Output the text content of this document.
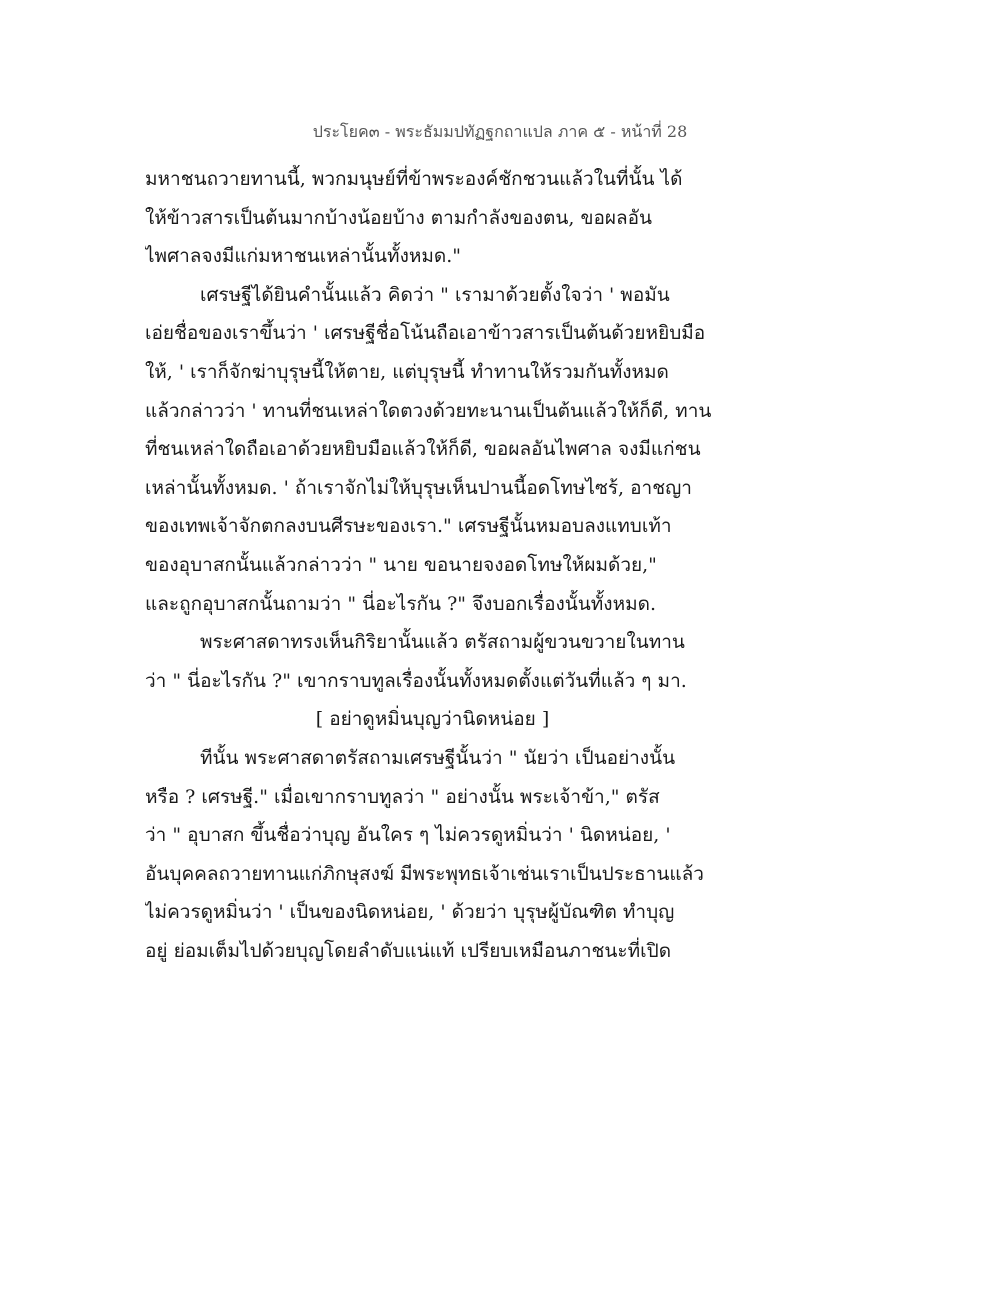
ประโยค๓ - พระธัมมปทัฏฐกถาแปล ภาค ๕ - หน้าที่ 28
มหาชนถวายทานนี้, พวกมนุษย์ที่ข้าพระองค์ชักชวนแล้วในที่นั้น ได้
ให้ข้าวสารเป็นต้นมากบ้างน้อยบ้าง ตามกำลังของตน, ขอผลอัน
ไพศาลจงมีแก่มหาชนเหล่านั้นทั้งหมด."
เศรษฐีได้ยินคำนั้นแล้ว คิดว่า " เรามาด้วยตั้งใจว่า ' พอมัน
เอ่ยชื่อของเราขึ้นว่า ' เศรษฐีชื่อโน้นถือเอาข้าวสารเป็นต้นด้วยหยิบมือ
ให้, ' เราก็จักฆ่าบุรุษนี้ให้ตาย, แต่บุรุษนี้ ทำทานให้รวมกันทั้งหมด
แล้วกล่าวว่า ' ทานที่ชนเหล่าใดตวงด้วยทะนานเป็นต้นแล้วให้ก็ดี, ทาน
ที่ชนเหล่าใดถือเอาด้วยหยิบมือแล้วให้ก็ดี, ขอผลอันไพศาล จงมีแก่ชน
เหล่านั้นทั้งหมด. ' ถ้าเราจักไม่ให้บุรุษเห็นปานนี้อดโทษไซร้, อาชญา
ของเทพเจ้าจักตกลงบนศีรษะของเรา." เศรษฐีนั้นหมอบลงแทบเท้า
ของอุบาสกนั้นแล้วกล่าวว่า " นาย ขอนายจงอดโทษให้ผมด้วย,"
และถูกอุบาสกนั้นถามว่า " นี่อะไรกัน ?" จึงบอกเรื่องนั้นทั้งหมด.
พระศาสดาทรงเห็นกิริยานั้นแล้ว ตรัสถามผู้ขวนขวายในทาน
ว่า " นี่อะไรกัน ?" เขากราบทูลเรื่องนั้นทั้งหมดตั้งแต่วันที่แล้ว ๆ มา.
[ อย่าดูหมิ่นบุญว่านิดหน่อย ]
ทีนั้น พระศาสดาตรัสถามเศรษฐีนั้นว่า " นัยว่า เป็นอย่างนั้น
หรือ ? เศรษฐี." เมื่อเขากราบทูลว่า " อย่างนั้น พระเจ้าข้า," ตรัส
ว่า " อุบาสก ขึ้นชื่อว่าบุญ อันใคร ๆ ไม่ควรดูหมิ่นว่า ' นิดหน่อย, '
อันบุคคลถวายทานแก่ภิกษุสงฆ์ มีพระพุทธเจ้าเช่นเราเป็นประธานแล้ว
ไม่ควรดูหมิ่นว่า ' เป็นของนิดหน่อย, ' ด้วยว่า บุรุษผู้บัณฑิต ทำบุญ
อยู่ ย่อมเต็มไปด้วยบุญโดยลำดับแน่แท้ เปรียบเหมือนภาชนะที่เปิด
